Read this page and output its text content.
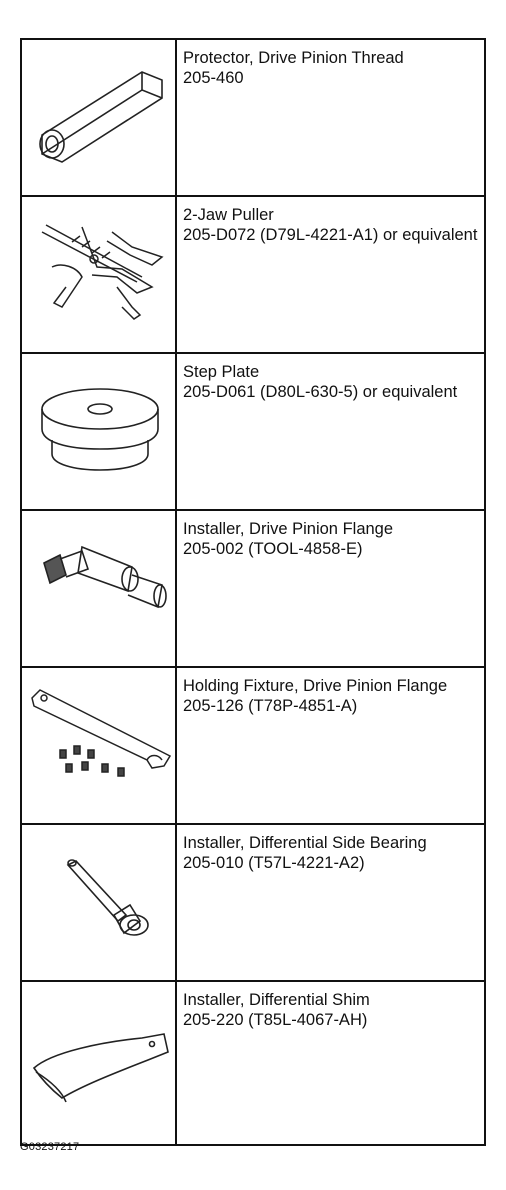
Protector, Drive Pinion Thread
205-460

2-Jaw Puller
205-D072 (D79L-4221-A1) or equivalent

Step Plate
205-D061 (D80L-630-5) or equivalent

Installer, Drive Pinion Flange
205-002 (TOOL-4858-E)

Holding Fixture, Drive Pinion Flange
205-126 (T78P-4851-A)

Installer, Differential Side Bearing
205-010 (T57L-4221-A2)

Installer, Differential Shim
205-220 (T85L-4067-AH)
G03237217
